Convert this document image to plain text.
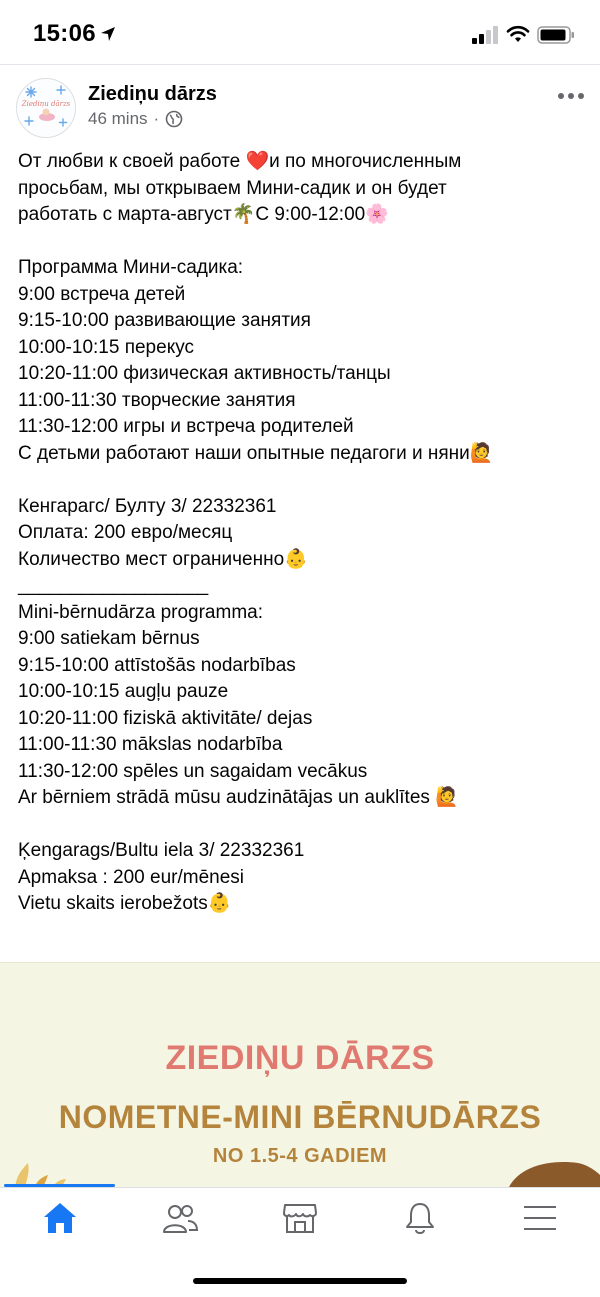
15:06
Ziediņu dārzs Ziediņu dārzs
46 mins ·
От любви к своей работе ❤️и по многочисленным
просьбам, мы открываем Мини-садик и он будет
работать с марта-август🌴С 9:00-12:00🌸
Программа Мини-садика:
9:00 встреча детей
9:15-10:00 развивающие занятия
10:00-10:15 перекус
10:20-11:00 физическая активность/танцы
11:00-11:30 творческие занятия
11:30-12:00 игры и встреча родителей
С детьми работают наши опытные педагоги и няни🙋
Кенгарагс/ Булту 3/ 22332361
Оплата: 200 евро/месяц
Количество мест ограниченно👶
__________________
Mini-bērnudārza programma:
9:00 satiekam bērnus
9:15-10:00 attīstošās nodarbības
10:00-10:15 augļu pauze
10:20-11:00 fiziskā aktivitāte/ dejas
11:00-11:30 mākslas nodarbība
11:30-12:00 spēles un sagaidam vecākus
Ar bērniem strādā mūsu audzinātājas un auklītes 🙋
Ķengarags/Bultu iela 3/ 22332361
Apmaksa : 200 eur/mēnesi
Vietu skaits ierobežots👶
ZIEDIŅU DĀRZS
NOMETNE-MINI BĒRNUDĀRZS
NO 1.5-4 GADIEM
